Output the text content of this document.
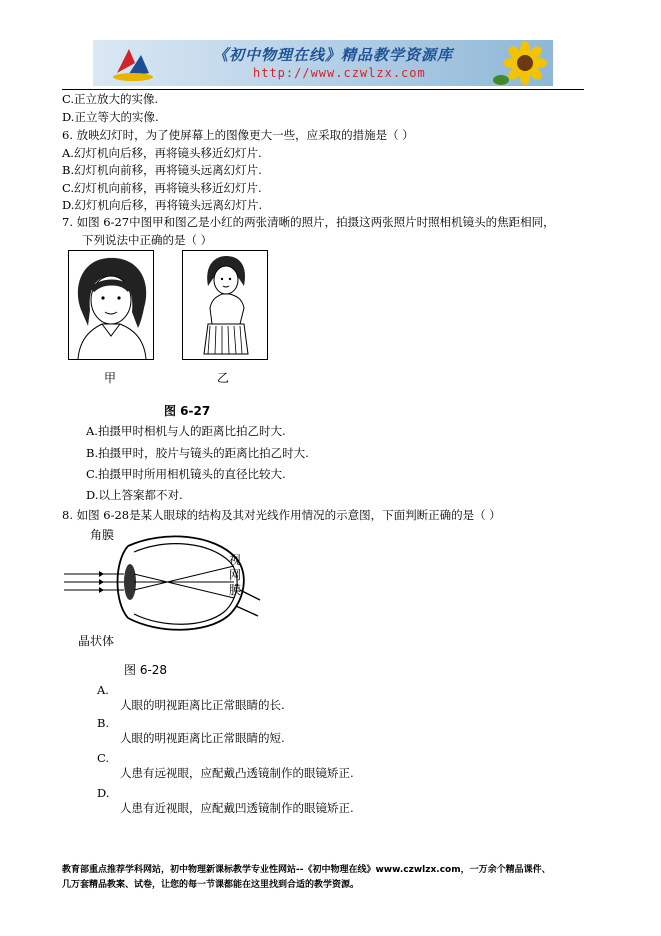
《初中物理在线》精品教学资源库
http://www.czwlzx.com
C.正立放大的实像.
D.正立等大的实像.
6. 放映幻灯时，为了使屏幕上的图像更大一些，应采取的措施是（ ）
A.幻灯机向后移，再将镜头移近幻灯片.
B.幻灯机向前移，再将镜头远离幻灯片.
C.幻灯机向前移，再将镜头移近幻灯片.
D.幻灯机向后移，再将镜头远离幻灯片.
7. 如图 6-27中图甲和图乙是小红的两张清晰的照片，拍摄这两张照片时照相机镜头的焦距相同，
下列说法中正确的是（ ）
甲	乙
图 6-27
A.拍摄甲时相机与人的距离比拍乙时大.
B.拍摄甲时，胶片与镜头的距离比拍乙时大.
C.拍摄甲时所用相机镜头的直径比较大.
D.以上答案都不对.
8. 如图 6-28是某人眼球的结构及其对光线作用情况的示意图，下面判断正确的是（ ）
角膜
视
网
膜
晶状体
图 6-28
A.
人眼的明视距离比正常眼睛的长.
B.
人眼的明视距离比正常眼睛的短.
C.
人患有远视眼，应配戴凸透镜制作的眼镜矫正.
D.
人患有近视眼，应配戴凹透镜制作的眼镜矫正.
教育部重点推荐学科网站，初中物理新课标教学专业性网站--《初中物理在线》www.czwlzx.com，一万余个精品课件、
几万套精品教案、试卷，让您的每一节课都能在这里找到合适的教学资源。
